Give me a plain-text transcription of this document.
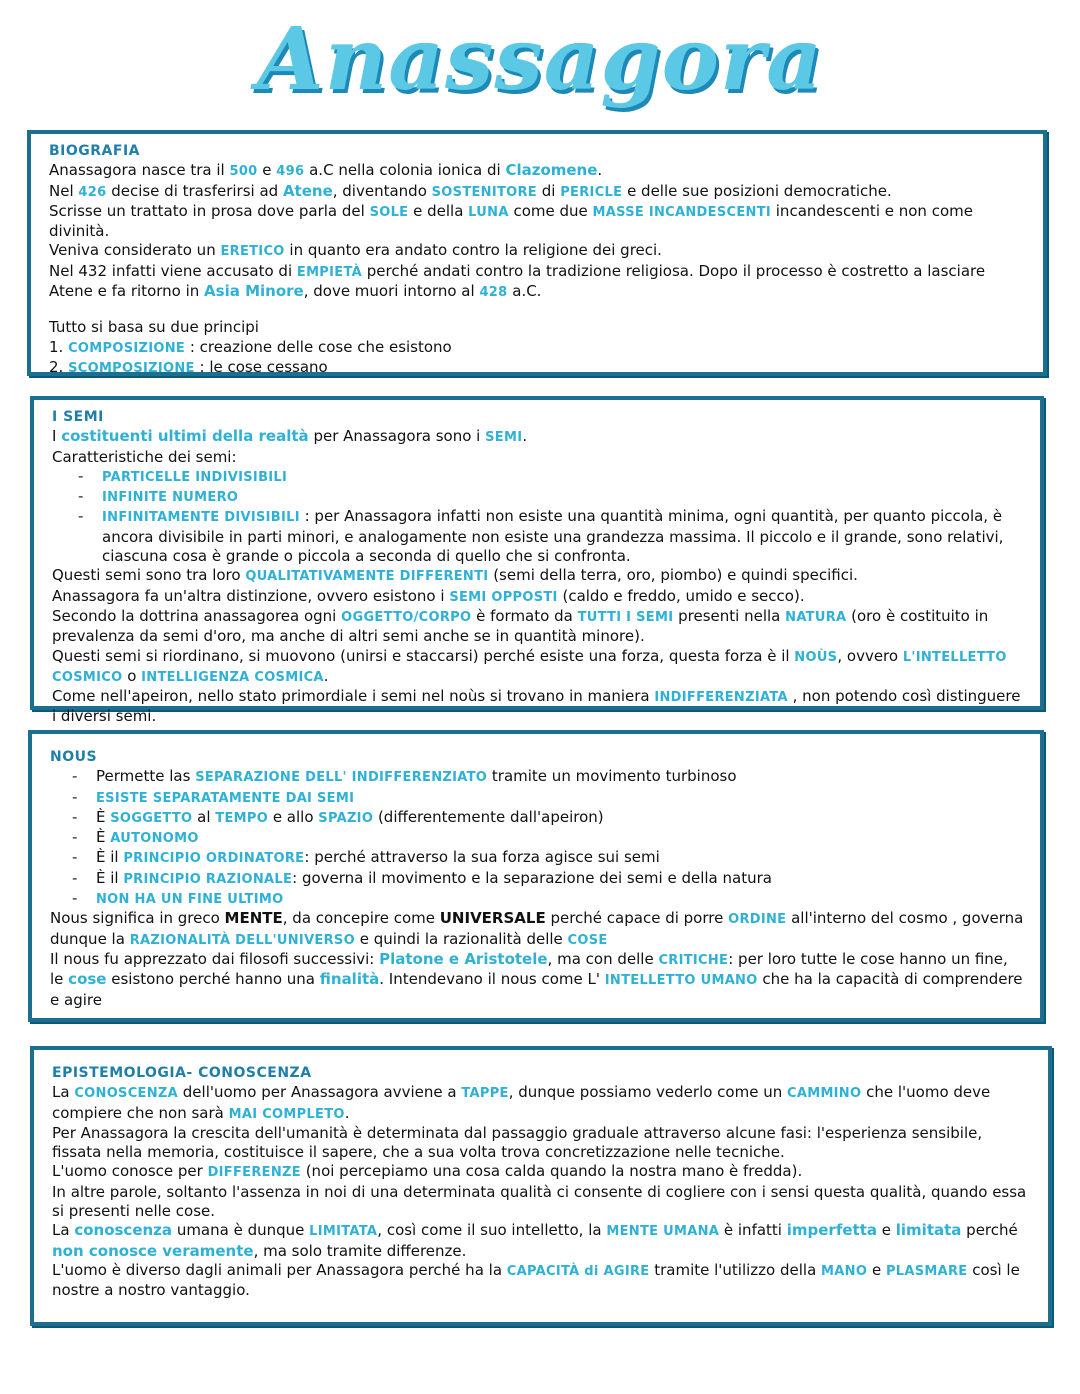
Anassagora

BIOGRAFIA

Anassagora nasce tra il 500 e 496 a.C nella colonia ionica di Clazomene.

Nel 426 decise di trasferirsi ad Atene, diventando SOSTENITORE di PERICLE e delle sue posizioni democratiche.

Scrisse un trattato in prosa dove parla del SOLE e della LUNA come due MASSE INCANDESCENTI incandescenti e non come divinità.

Veniva considerato un ERETICO in quanto era andato contro la religione dei greci.

Nel 432 infatti viene accusato di EMPIETÀ perché andati contro la tradizione religiosa. Dopo il processo è costretto a lasciare Atene e fa ritorno in Asia Minore, dove muori intorno al 428 a.C.

Tutto si basa su due principi

1. COMPOSIZIONE : creazione delle cose che esistono

2. SCOMPOSIZIONE : le cose cessano

I SEMI

I costituenti ultimi della realtà per Anassagora sono i SEMI.

Caratteristiche dei semi:

- PARTICELLE INDIVISIBILI
- INFINITE NUMERO
- INFINITAMENTE DIVISIBILI : per Anassagora infatti non esiste una quantità minima, ogni quantità, per quanto piccola, è ancora divisibile in parti minori, e analogamente non esiste una grandezza massima. Il piccolo e il grande, sono relativi, ciascuna cosa è grande o piccola a seconda di quello che si confronta.

Questi semi sono tra loro QUALITATIVAMENTE DIFFERENTI (semi della terra, oro, piombo) e quindi specifici.

Anassagora fa un'altra distinzione, ovvero esistono i SEMI OPPOSTI (caldo e freddo, umido e secco).

Secondo la dottrina anassagorea ogni OGGETTO/CORPO è formato da TUTTI I SEMI presenti nella NATURA (oro è costituito in prevalenza da semi d'oro, ma anche di altri semi anche se in quantità minore).

Questi semi si riordinano, si muovono (unirsi e staccarsi) perché esiste una forza, questa forza è il NOÙS, ovvero L'INTELLETTO COSMICO o INTELLIGENZA COSMICA.

Come nell'apeiron, nello stato primordiale i semi nel noùs si trovano in maniera INDIFFERENZIATA , non potendo così distinguere i diversi semi.

NOUS

- Permette las SEPARAZIONE DELL' INDIFFERENZIATO tramite un movimento turbinoso
- ESISTE SEPARATAMENTE DAI SEMI
- È SOGGETTO al TEMPO e allo SPAZIO (differentemente dall'apeiron)
- È AUTONOMO
- È il PRINCIPIO ORDINATORE: perché attraverso la sua forza agisce sui semi
- È il PRINCIPIO RAZIONALE: governa il movimento e la separazione dei semi e della natura
- NON HA UN FINE ULTIMO

Nous significa in greco MENTE, da concepire come UNIVERSALE perché capace di porre ORDINE all'interno del cosmo , governa dunque la RAZIONALITÀ DELL'UNIVERSO e quindi la razionalità delle COSE

Il nous fu apprezzato dai filosofi successivi: Platone e Aristotele, ma con delle CRITICHE: per loro tutte le cose hanno un fine, le cose esistono perché hanno una finalità. Intendevano il nous come L' INTELLETTO UMANO che ha la capacità di comprendere e agire

EPISTEMOLOGIA- CONOSCENZA

La CONOSCENZA dell'uomo per Anassagora avviene a TAPPE, dunque possiamo vederlo come un CAMMINO che l'uomo deve compiere che non sarà MAI COMPLETO.

Per Anassagora la crescita dell'umanità è determinata dal passaggio graduale attraverso alcune fasi: l'esperienza sensibile, fissata nella memoria, costituisce il sapere, che a sua volta trova concretizzazione nelle tecniche.

L'uomo conosce per DIFFERENZE (noi percepiamo una cosa calda quando la nostra mano è fredda).

In altre parole, soltanto l'assenza in noi di una determinata qualità ci consente di cogliere con i sensi questa qualità, quando essa si presenti nelle cose.

La conoscenza umana è dunque LIMITATA, così come il suo intelletto, la MENTE UMANA è infatti imperfetta e limitata perché non conosce veramente, ma solo tramite differenze.

L'uomo è diverso dagli animali per Anassagora perché ha la CAPACITÀ di AGIRE tramite l'utilizzo della MANO e PLASMARE così le nostre a nostro vantaggio.
